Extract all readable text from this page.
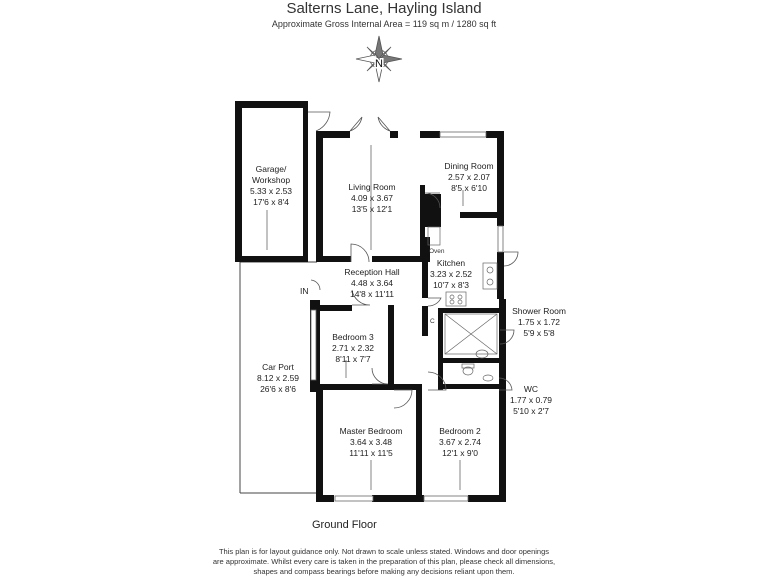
Salterns Lane, Hayling Island
Approximate Gross Internal Area = 119 sq m / 1280 sq ft
N
Garage/
Workshop
5.33 x 2.53
17'6 x 8'4
Living Room
4.09 x 3.67
13'5 x 12'1
Dining Room
2.57 x 2.07
8'5 x 6'10
Kitchen
3.23 x 2.52
10'7 x 8'3
Reception Hall
4.48 x 3.64
14'8 x 11'11
Shower Room
1.75 x 1.72
5'9 x 5'8
Bedroom 3
2.71 x 2.32
8'11 x 7'7
Car Port
8.12 x 2.59
26'6 x 8'6	WC
1.77 x 0.79
5'10 x 2'7
Master Bedroom
3.64 x 3.48
11'11 x 11'5
Bedroom 2
3.67 x 2.74
12'1 x 9'0
IN
Oven
C
Ground Floor
This plan is for layout guidance only. Not drawn to scale unless stated. Windows and door openings
are approximate. Whilst every care is taken in the preparation of this plan, please check all dimensions,
shapes and compass bearings before making any decisions reliant upon them.
